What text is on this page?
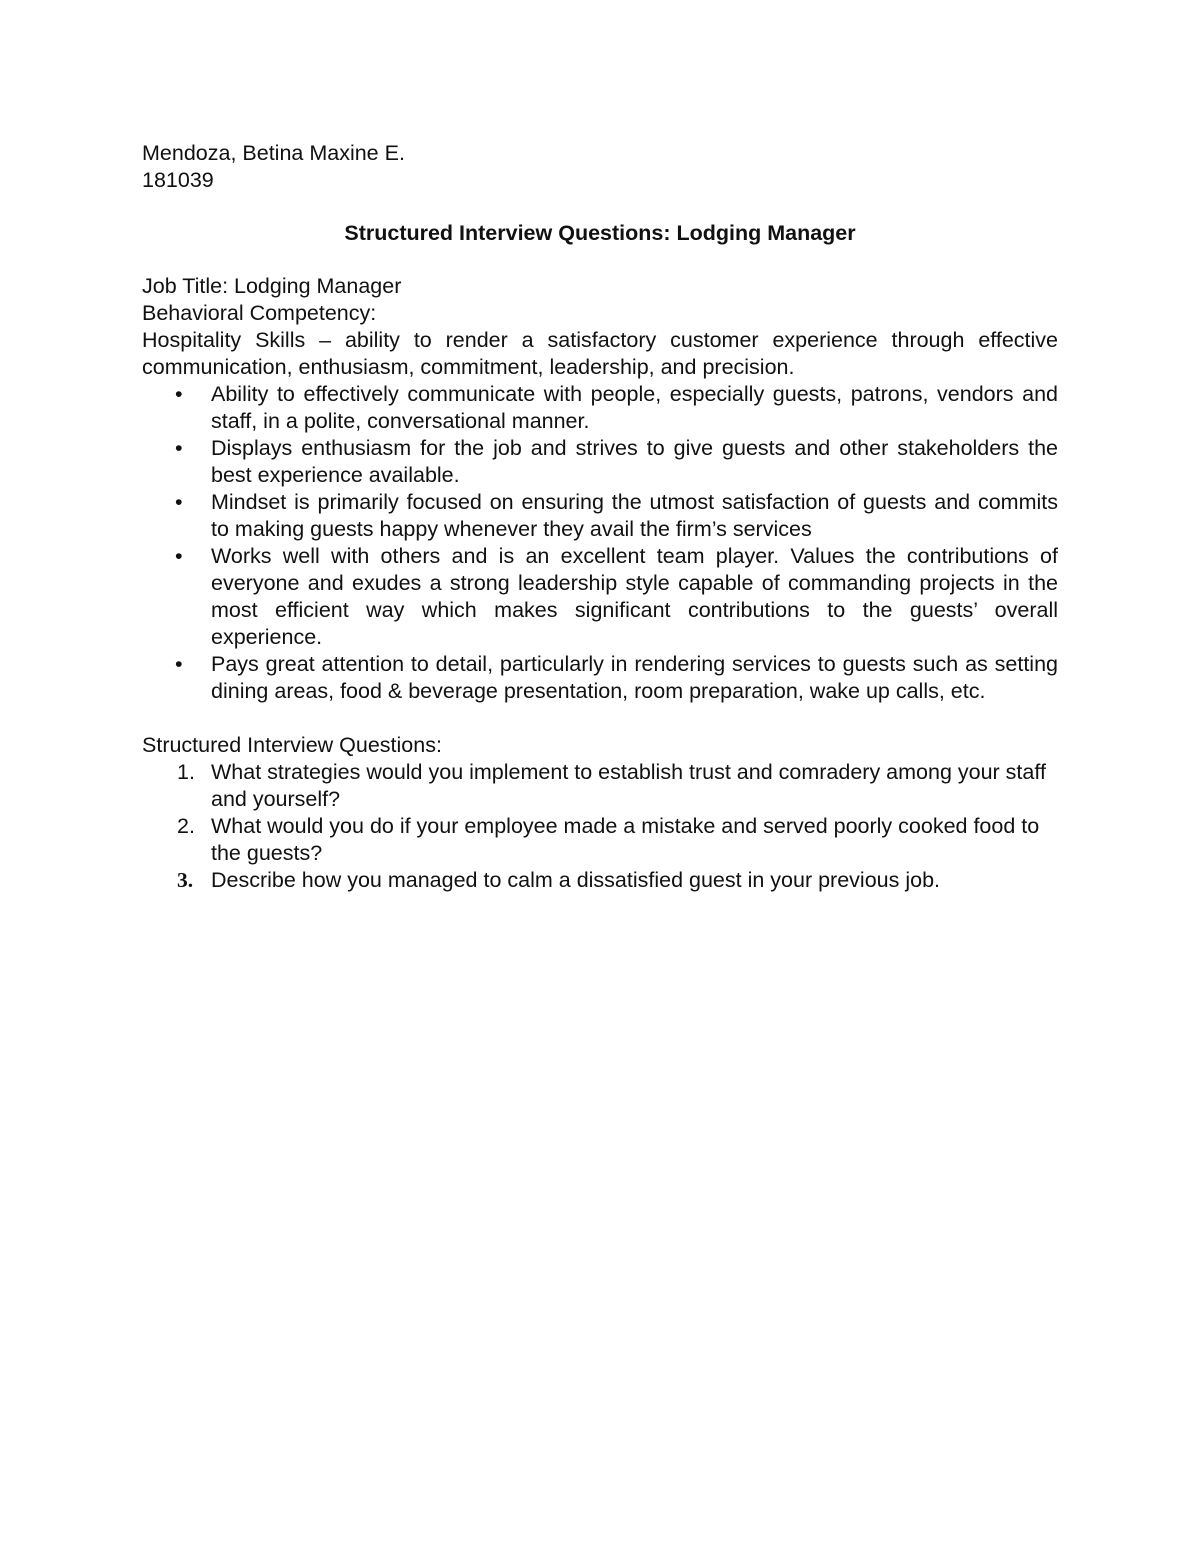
Mendoza, Betina Maxine E.
181039
Structured Interview Questions: Lodging Manager
Job Title: Lodging Manager
Behavioral Competency:
Hospitality Skills – ability to render a satisfactory customer experience through effective communication, enthusiasm, commitment, leadership, and precision.
• Ability to effectively communicate with people, especially guests, patrons, vendors and staff, in a polite, conversational manner.
• Displays enthusiasm for the job and strives to give guests and other stakeholders the best experience available.
• Mindset is primarily focused on ensuring the utmost satisfaction of guests and commits to making guests happy whenever they avail the firm’s services
• Works well with others and is an excellent team player. Values the contributions of everyone and exudes a strong leadership style capable of commanding projects in the most efficient way which makes significant contributions to the guests’ overall experience.
• Pays great attention to detail, particularly in rendering services to guests such as setting dining areas, food & beverage presentation, room preparation, wake up calls, etc.
Structured Interview Questions:
1. What strategies would you implement to establish trust and comradery among your staff and yourself?
2. What would you do if your employee made a mistake and served poorly cooked food to the guests?
3. Describe how you managed to calm a dissatisfied guest in your previous job.
